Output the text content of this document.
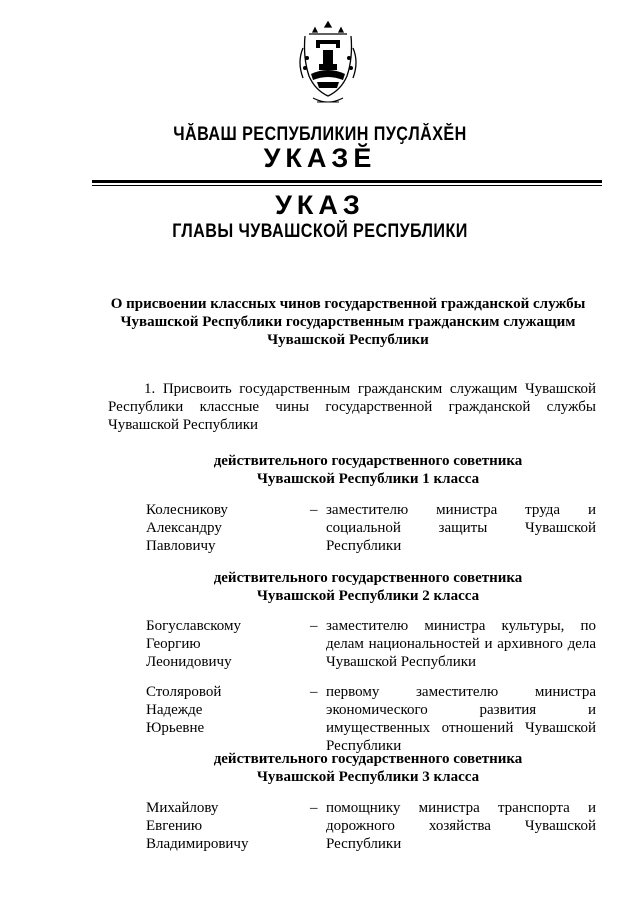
ЧӐВАШ РЕСПУБЛИКИН ПУҪЛӐХӖН
УКАЗӖ
УКАЗ
ГЛАВЫ ЧУВАШСКОЙ РЕСПУБЛИКИ
О присвоении классных чинов государственной гражданской службы Чувашской Республики государственным гражданским служащим Чувашской Республики
1. Присвоить государственным гражданским служащим Чувашской Республики классные чины государственной гражданской службы Чувашской Республики
действительного государственного советника
Чувашской Республики 1 класса
Колесникову
Александру
Павловичу
– заместителю министра труда и социальной защиты Чувашской Республики
действительного государственного советника
Чувашской Республики 2 класса
Богуславскому
Георгию
Леонидовичу
– заместителю министра культуры, по делам национальностей и архивного дела Чувашской Республики
Столяровой
Надежде
Юрьевне
– первому заместителю министра экономического развития и имущественных отношений Чувашской Республики
действительного государственного советника
Чувашской Республики 3 класса
Михайлову
Евгению
Владимировичу
– помощнику министра транспорта и дорожного хозяйства Чувашской Республики
